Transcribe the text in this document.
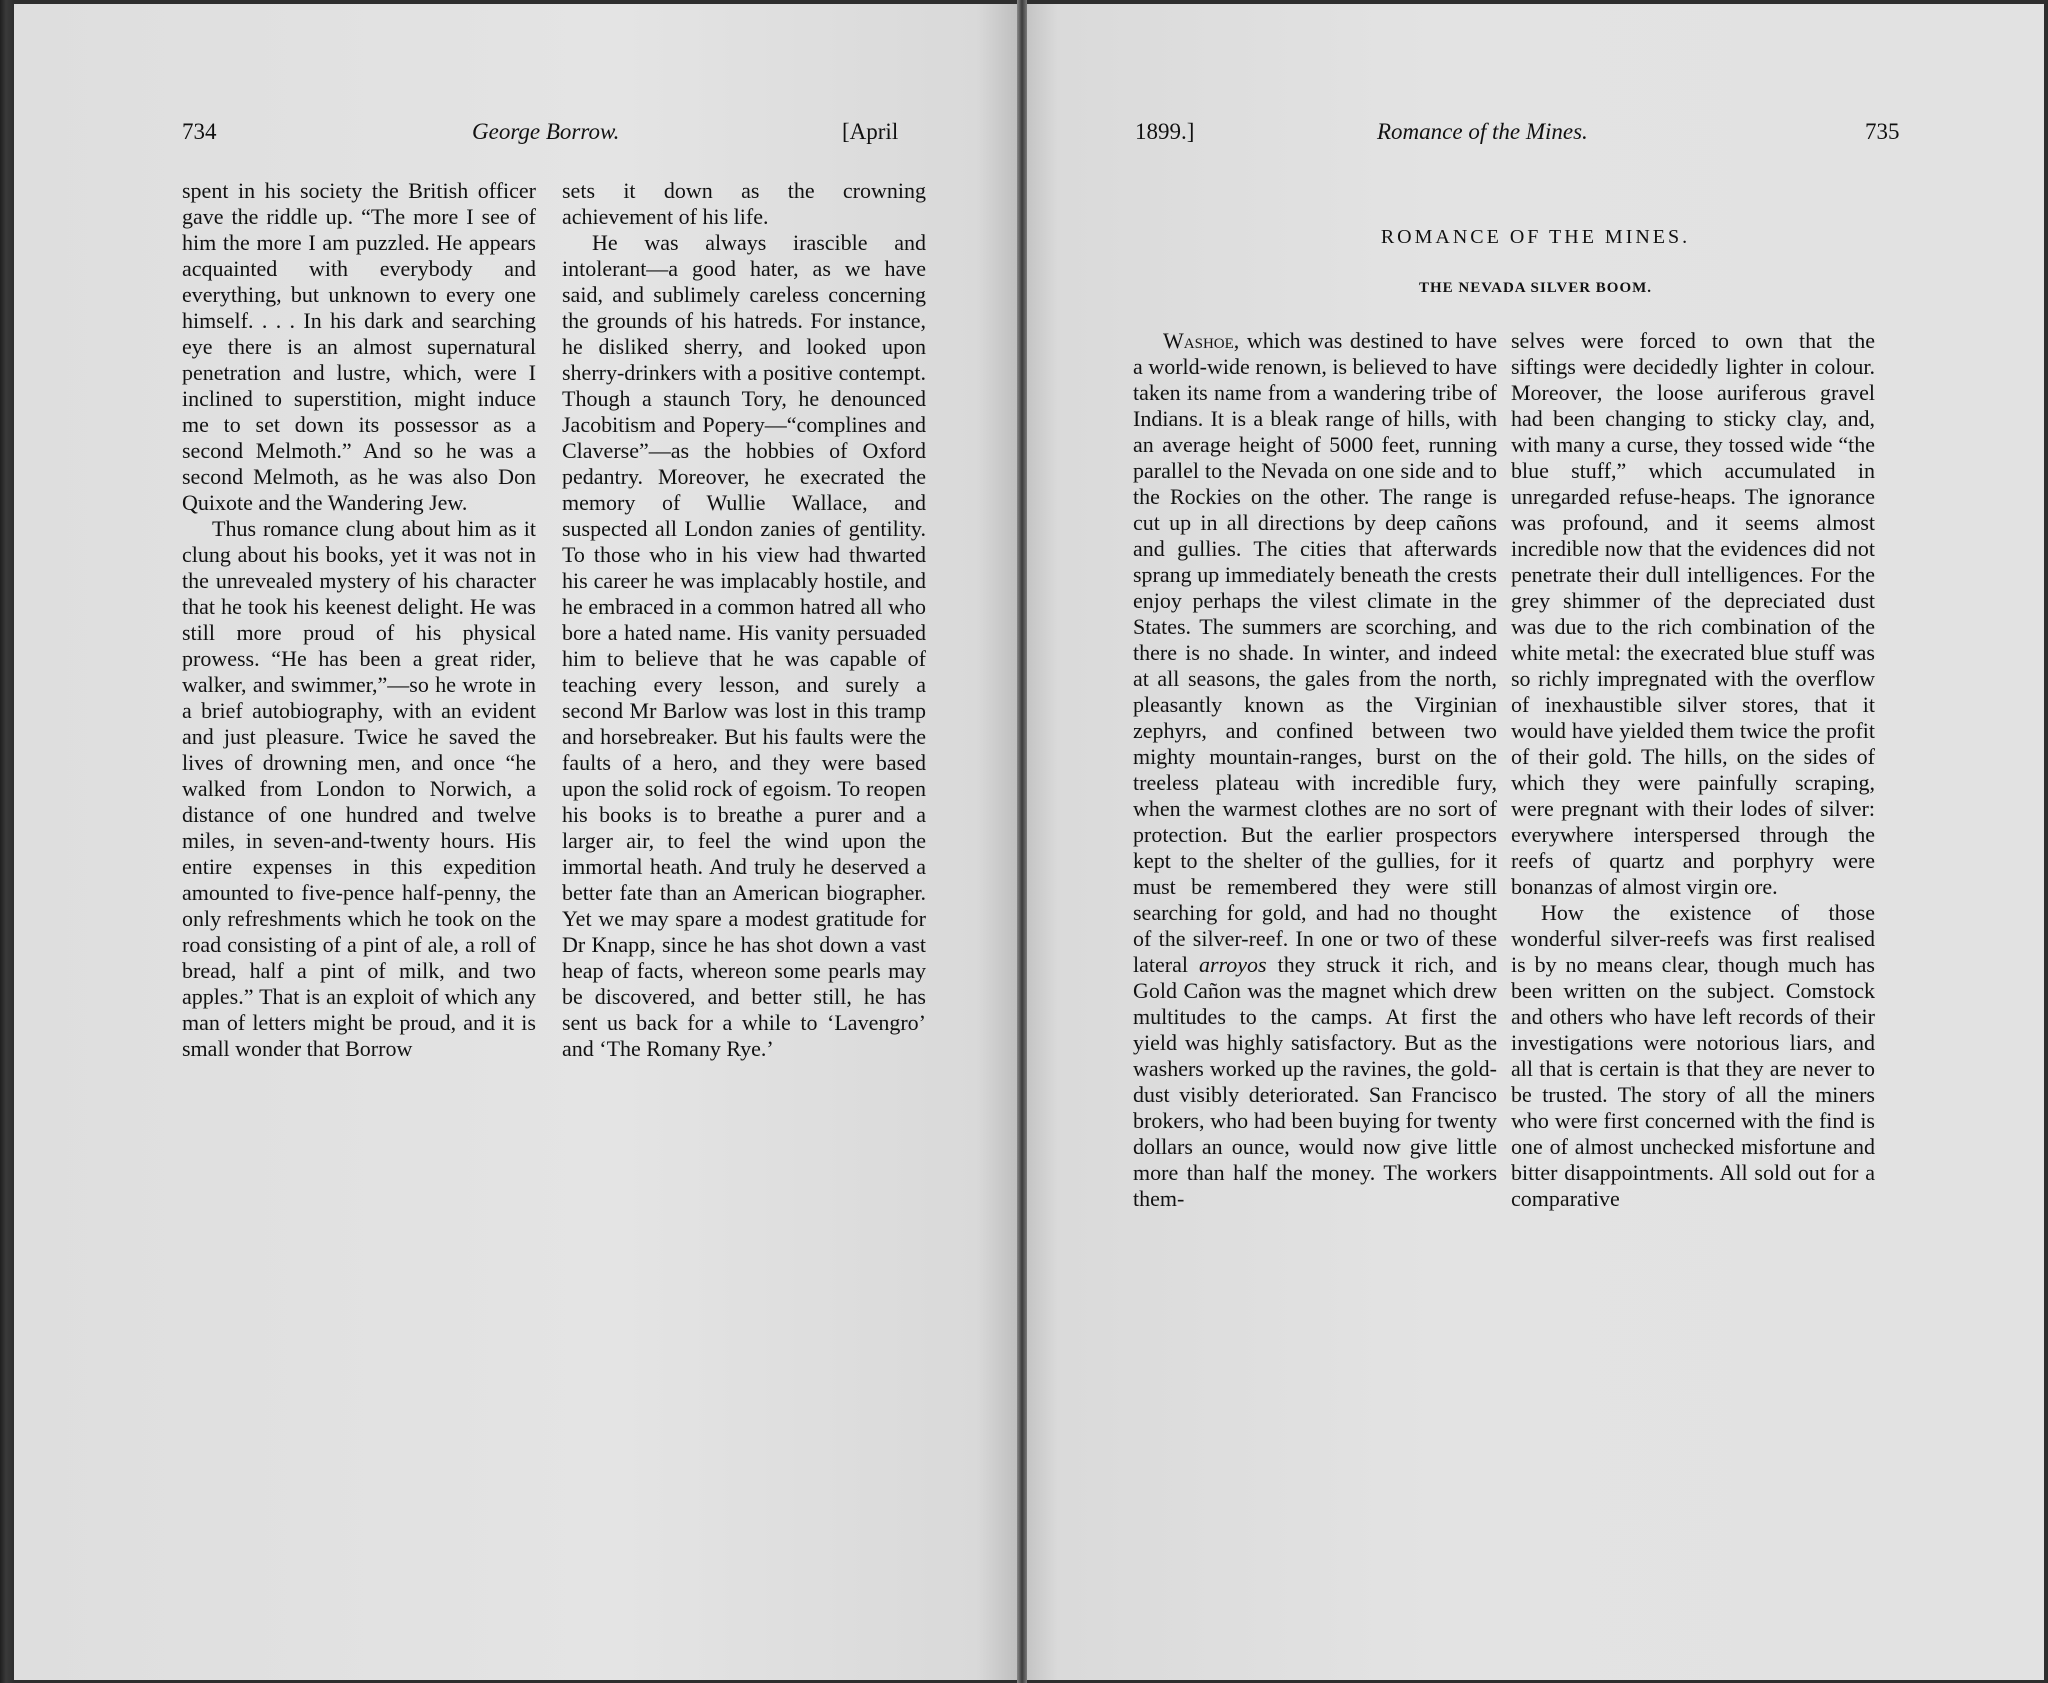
734	George Borrow.	[April

spent in his society the British officer gave the riddle up. “The more I see of him the more I am puzzled. He appears acquainted with everybody and everything, but unknown to every one himself. . . . In his dark and searching eye there is an almost supernatural penetration and lustre, which, were I inclined to superstition, might induce me to set down its possessor as a second Melmoth.” And so he was a second Melmoth, as he was also Don Quixote and the Wandering Jew.

Thus romance clung about him as it clung about his books, yet it was not in the unrevealed mystery of his character that he took his keenest delight. He was still more proud of his physical prowess. “He has been a great rider, walker, and swimmer,”—so he wrote in a brief autobiography, with an evident and just pleasure. Twice he saved the lives of drowning men, and once “he walked from London to Norwich, a distance of one hundred and twelve miles, in seven-and-twenty hours. His entire expenses in this expedition amounted to five-pence half-penny, the only refreshments which he took on the road consisting of a pint of ale, a roll of bread, half a pint of milk, and two apples.” That is an exploit of which any man of letters might be proud, and it is small wonder that Borrow

sets it down as the crowning achievement of his life.

He was always irascible and intolerant—a good hater, as we have said, and sublimely careless concerning the grounds of his hatreds. For instance, he disliked sherry, and looked upon sherry-drinkers with a positive contempt. Though a staunch Tory, he denounced Jacobitism and Popery—“complines and Claverse”—as the hobbies of Oxford pedantry. Moreover, he execrated the memory of Wullie Wallace, and suspected all London zanies of gentility. To those who in his view had thwarted his career he was implacably hostile, and he embraced in a common hatred all who bore a hated name. His vanity persuaded him to believe that he was capable of teaching every lesson, and surely a second Mr Barlow was lost in this tramp and horsebreaker. But his faults were the faults of a hero, and they were based upon the solid rock of egoism. To reopen his books is to breathe a purer and a larger air, to feel the wind upon the immortal heath. And truly he deserved a better fate than an American biographer. Yet we may spare a modest gratitude for Dr Knapp, since he has shot down a vast heap of facts, whereon some pearls may be discovered, and better still, he has sent us back for a while to ‘Lavengro’ and ‘The Romany Rye.’

1899.]	Romance of the Mines.	735
ROMANCE OF THE MINES.
THE NEVADA SILVER BOOM.

Washoe, which was destined to have a world-wide renown, is believed to have taken its name from a wandering tribe of Indians. It is a bleak range of hills, with an average height of 5000 feet, running parallel to the Nevada on one side and to the Rockies on the other. The range is cut up in all directions by deep cañons and gullies. The cities that afterwards sprang up immediately beneath the crests enjoy perhaps the vilest climate in the States. The summers are scorching, and there is no shade. In winter, and indeed at all seasons, the gales from the north, pleasantly known as the Virginian zephyrs, and confined between two mighty mountain-ranges, burst on the treeless plateau with incredible fury, when the warmest clothes are no sort of protection. But the earlier prospectors kept to the shelter of the gullies, for it must be remembered they were still searching for gold, and had no thought of the silver-reef. In one or two of these lateral arroyos they struck it rich, and Gold Cañon was the magnet which drew multitudes to the camps. At first the yield was highly satisfactory. But as the washers worked up the ravines, the gold-dust visibly deteriorated. San Francisco brokers, who had been buying for twenty dollars an ounce, would now give little more than half the money. The workers them-

selves were forced to own that the siftings were decidedly lighter in colour. Moreover, the loose auriferous gravel had been changing to sticky clay, and, with many a curse, they tossed wide “the blue stuff,” which accumulated in unregarded refuse-heaps. The ignorance was profound, and it seems almost incredible now that the evidences did not penetrate their dull intelligences. For the grey shimmer of the depreciated dust was due to the rich combination of the white metal: the execrated blue stuff was so richly impregnated with the overflow of inexhaustible silver stores, that it would have yielded them twice the profit of their gold. The hills, on the sides of which they were painfully scraping, were pregnant with their lodes of silver: everywhere interspersed through the reefs of quartz and porphyry were bonanzas of almost virgin ore.

How the existence of those wonderful silver-reefs was first realised is by no means clear, though much has been written on the subject. Comstock and others who have left records of their investigations were notorious liars, and all that is certain is that they are never to be trusted. The story of all the miners who were first concerned with the find is one of almost unchecked misfortune and bitter disappointments. All sold out for a comparative
